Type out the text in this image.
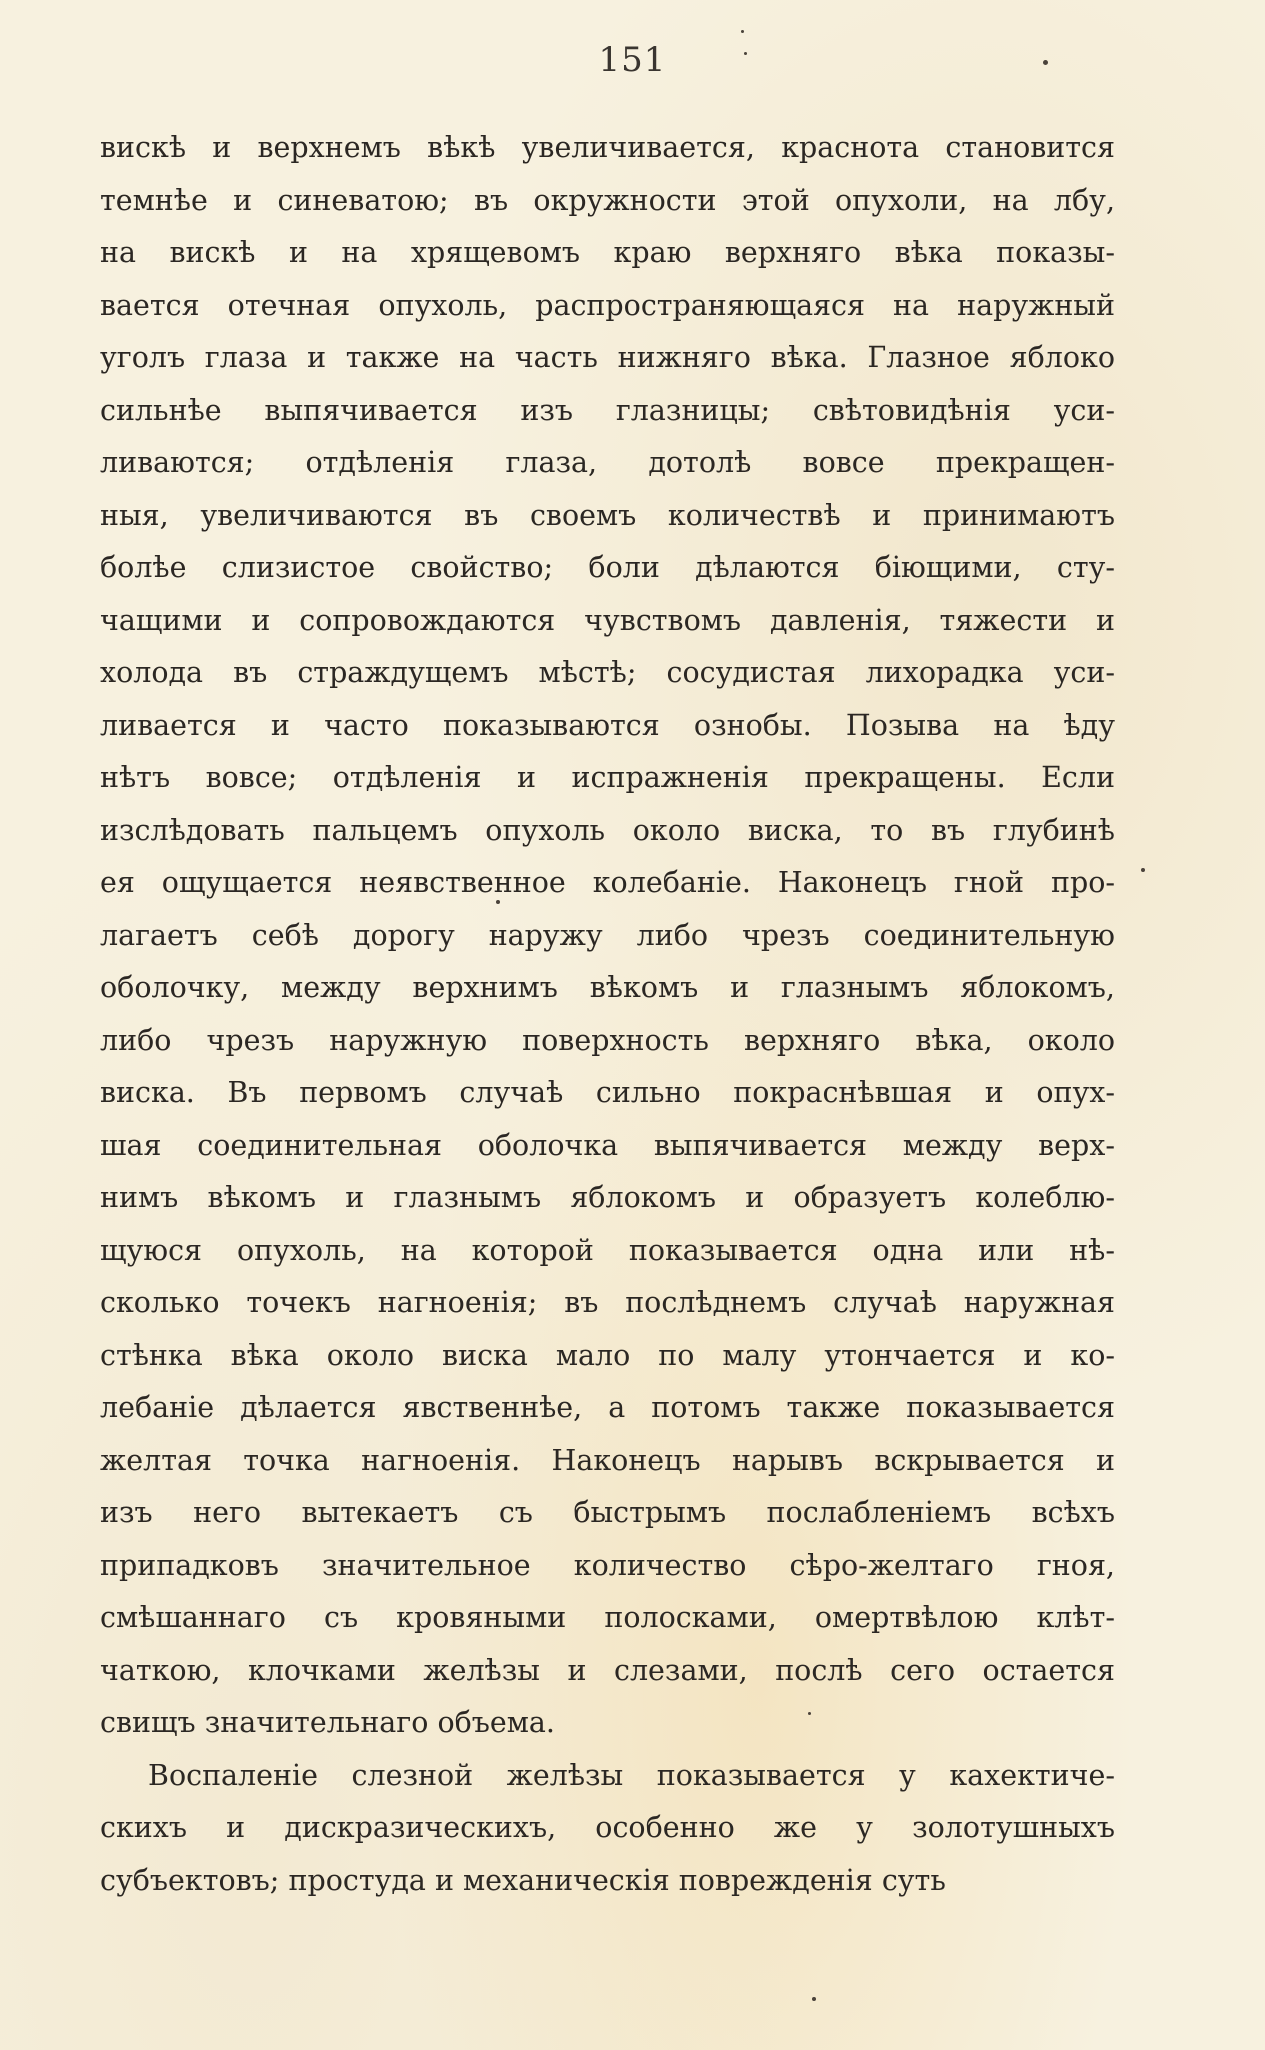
151
вискѣ и верхнемъ вѣкѣ увеличивается, краснота становится
темнѣе и синеватою; въ окружности этой опухоли, на лбу,
на вискѣ и на хрящевомъ краю верхняго вѣка показы-
вается отечная опухоль, распространяющаяся на наружный
уголъ глаза и также на часть нижняго вѣка. Глазное яблоко
сильнѣе выпячивается изъ глазницы; свѣтовидѣнія уси-
ливаются; отдѣленія глаза, дотолѣ вовсе прекращен-
ныя, увеличиваются въ своемъ количествѣ и принимаютъ
болѣе слизистое свойство; боли дѣлаются біющими, сту-
чащими и сопровождаются чувствомъ давленія, тяжести и
холода въ страждущемъ мѣстѣ; сосудистая лихорадка уси-
ливается и часто показываются ознобы. Позыва на ѣду
нѣтъ вовсе; отдѣленія и испражненія прекращены. Если
изслѣдовать пальцемъ опухоль около виска, то въ глубинѣ
ея ощущается неявственное колебаніе. Наконецъ гной про-
лагаетъ себѣ дорогу наружу либо чрезъ соединительную
оболочку, между верхнимъ вѣкомъ и глазнымъ яблокомъ,
либо чрезъ наружную поверхность верхняго вѣка, около
виска. Въ первомъ случаѣ сильно покраснѣвшая и опух-
шая соединительная оболочка выпячивается между верх-
нимъ вѣкомъ и глазнымъ яблокомъ и образуетъ колеблю-
щуюся опухоль, на которой показывается одна или нѣ-
сколько точекъ нагноенія; въ послѣднемъ случаѣ наружная
стѣнка вѣка около виска мало по малу утончается и ко-
лебаніе дѣлается явственнѣе, а потомъ также показывается
желтая точка нагноенія. Наконецъ нарывъ вскрывается и
изъ него вытекаетъ съ быстрымъ послабленіемъ всѣхъ
припадковъ значительное количество сѣро-желтаго гноя,
смѣшаннаго съ кровяными полосками, омертвѣлою клѣт-
чаткою, клочками желѣзы и слезами, послѣ сего остается
свищъ значительнаго объема.
Воспаленіе слезной желѣзы показывается у кахектиче-
скихъ и дискразическихъ, особенно же у золотушныхъ
субъектовъ; простуда и механическія поврежденія суть
